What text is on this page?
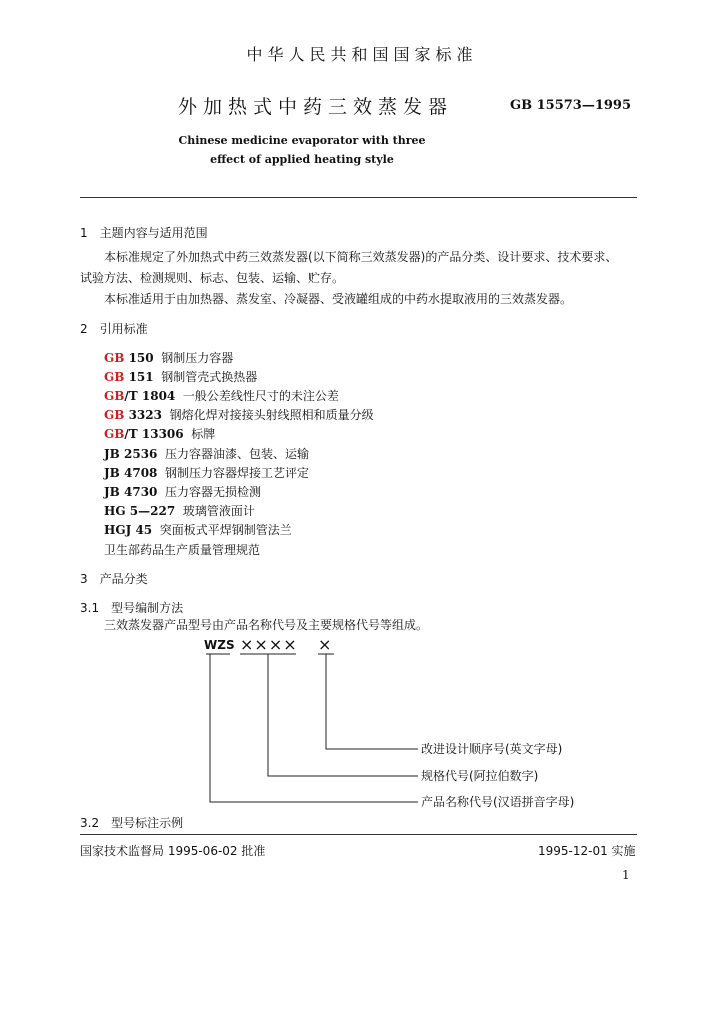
中华人民共和国国家标准
外加热式中药三效蒸发器	GB 15573—1995
Chinese medicine evaporator with three
effect of applied heating style
1　主题内容与适用范围
本标准规定了外加热式中药三效蒸发器(以下简称三效蒸发器)的产品分类、设计要求、技术要求、
试验方法、检测规则、标志、包装、运输、贮存。
本标准适用于由加热器、蒸发室、冷凝器、受液罐组成的中药水提取液用的三效蒸发器。
2　引用标准
GB 150 钢制压力容器
GB 151 钢制管壳式换热器
GB/T 1804 一般公差线性尺寸的未注公差
GB 3323 钢熔化焊对接接头射线照相和质量分级
GB/T 13306 标牌
JB 2536 压力容器油漆、包装、运输
JB 4708 钢制压力容器焊接工艺评定
JB 4730 压力容器无损检测
HG 5—227 玻璃管液面计
HGJ 45 突面板式平焊钢制管法兰
卫生部药品生产质量管理规范
3　产品分类
3.1　型号编制方法
三效蒸发器产品型号由产品名称代号及主要规格代号等组成。
WZS ×××× ×
改进设计顺序号(英文字母)
规格代号(阿拉伯数字)
产品名称代号(汉语拼音字母)
3.2　型号标注示例
国家技术监督局 1995-06-02 批准	1995-12-01 实施
1
